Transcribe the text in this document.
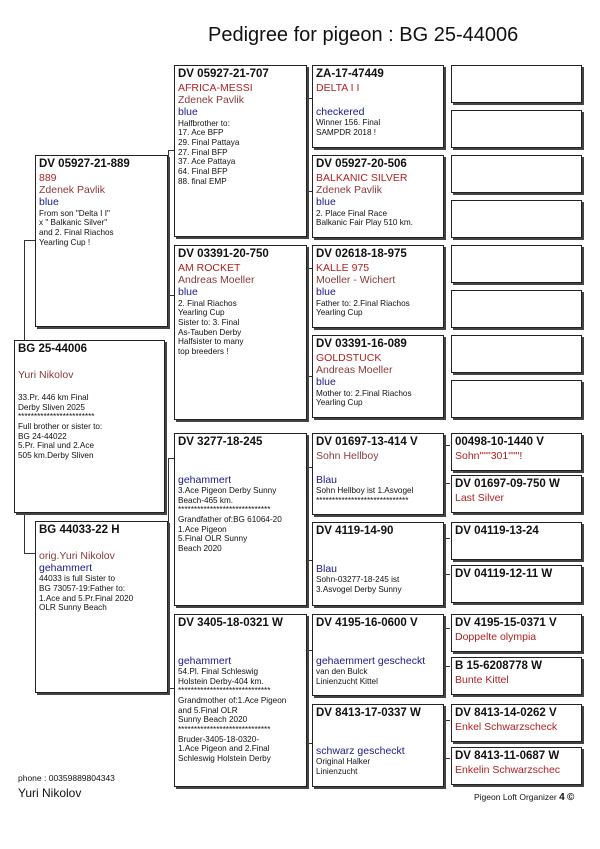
Pedigree for pigeon : BG 25-44006
BG 25-44006
Yuri Nikolov
33.Pr. 446 km Final
Derby Sliven 2025
************************
Full brother or sister to:
BG 24-44022
5.Pr. Final und 2.Ace
505 km.Derby Sliven
DV 05927-21-889
889
Zdenek Pavlik
blue
From son "Delta I I"
x " Balkanic Silver"
and 2. Final Riachos
Yearling Cup !
BG 44033-22 H
orig.Yuri Nikolov
gehammert
44033 is full Sister to
BG 73057-19:Father to:
1.Ace and 5.Pr.Final 2020
OLR Sunny Beach
DV 05927-21-707
AFRICA-MESSI
Zdenek Pavlik
blue
Halfbrother to:
17. Ace BFP
29. Final Pattaya
27. Final BFP
37. Ace Pattaya
64. Final BFP
88. final EMP
DV 03391-20-750
AM ROCKET
Andreas Moeller
blue
2. Final Riachos
Yearling Cup
Sister to: 3. Final
As-Tauben Derby
Halfsister to many
top breeders !
DV 3277-18-245
gehammert
3.Ace Pigeon Derby Sunny
Beach-465 km.
*****************************
Grandfather of:BG 61064-20
1.Ace Pigeon
5.Final OLR Sunny
Beach 2020
DV 3405-18-0321 W
gehammert
54.Pl. Final Schleswig
Holstein Derby-404 km.
*****************************
Grandmother of:1.Ace Pigeon
and 5.Final OLR
Sunny Beach 2020
*****************************
Bruder-3405-18-0320-
1.Ace Pigeon and 2.Final
Schleswig Holstein Derby
ZA-17-47449
DELTA I I
checkered
Winner 156. Final
SAMPDR 2018 !
DV 05927-20-506
BALKANIC SILVER
Zdenek Pavlik
blue
2. Place Final Race
Balkanic Fair Play 510 km.
DV 02618-18-975
KALLE 975
Moeller - Wichert
blue
Father to: 2.Final Riachos
Yearling Cup
DV 03391-16-089
GOLDSTUCK
Andreas Moeller
blue
Mother to: 2.Final Riachos
Yearling Cup
DV 01697-13-414 V
Sohn Hellboy
Blau
Sohn Hellboy ist 1.Asvogel
*****************************
DV 4119-14-90
Blau
Sohn-03277-18-245 ist
3.Asvogel Derby Sunny
DV 4195-16-0600 V
gehaemmert gescheckt
van den Bulck
Linienzucht Kittel
DV 8413-17-0337 W
schwarz gescheckt
Original Halker
Linienzucht
00498-10-1440 V
Sohn"""301"""!
DV 01697-09-750 W
Last Silver
DV 04119-13-24
DV 04119-12-11 W
DV 4195-15-0371 V
Doppelte olympia
B 15-6208778 W
Bunte Kittel
DV 8413-14-0262 V
Enkel Schwarzscheck
DV 8413-11-0687 W
Enkelin Schwarzschec
phone : 00359889804343
Yuri Nikolov	Pigeon Loft Organizer 4 ©
